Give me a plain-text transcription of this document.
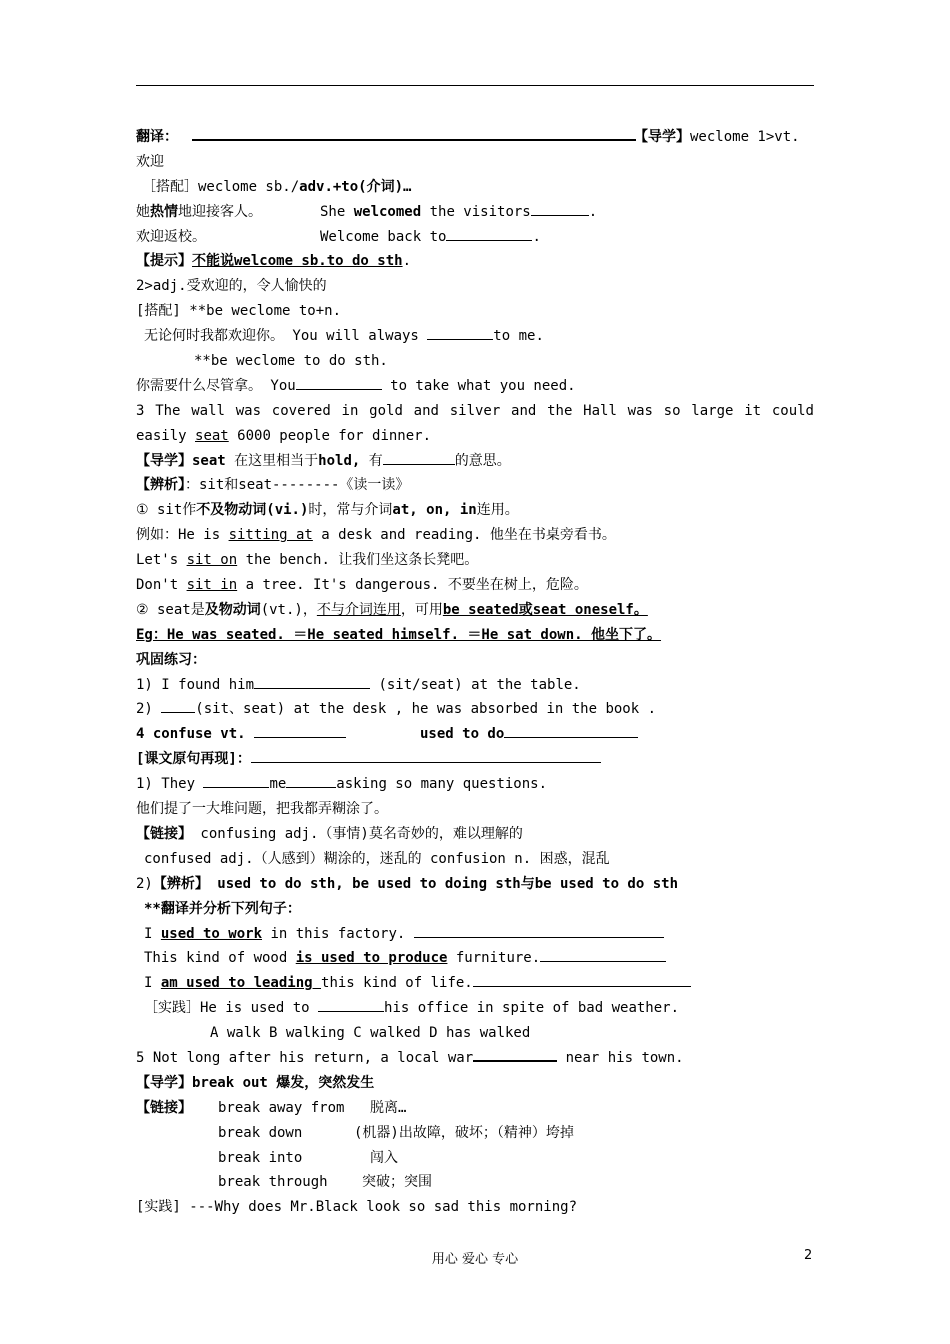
翻译：	【导学】weclome 1>vt.
欢迎
［搭配］weclome sb./adv.+to(介词)…
她热情地迎接客人。	She welcomed the visitors	.
欢迎返校。	Welcome back to	.
【提示】不能说welcome sb.to do sth.
2>adj.受欢迎的，令人愉快的
[搭配] **be weclome to+n.
无论何时我都欢迎你。 You will always	to me.
**be weclome to do sth.
你需要什么尽管拿。 You	to take what you need.
3 The wall was covered in gold and silver and the Hall was so large it could
easily seat 6000 people for dinner.
【导学】seat 在这里相当于hold, 有	的意思。
【辨析】：sit和seat--------《读一读》
① sit作不及物动词(vi.)时，常与介词at, on, in连用。
例如：He is sitting at a desk and reading. 他坐在书桌旁看书。
Let's sit on the bench. 让我们坐这条长凳吧。
Don't sit in a tree. It's dangerous. 不要坐在树上，危险。
② seat是及物动词(vt.)，不与介词连用，可用be seated或seat oneself。
Eg：He was seated. ＝He seated himself. ＝He sat down. 他坐下了。
巩固练习：
1) I found him	(sit/seat) at the table.
2) (sit、seat) at the desk , he was absorbed in the book .
4 confuse vt.	used to do
[课文原句再现]：
1) They	me	asking so many questions.
他们提了一大堆问题，把我都弄糊涂了。
【链接】 confusing adj.（事情)莫名奇妙的，难以理解的
confused adj.（人感到）糊涂的，迷乱的 confusion n. 困惑，混乱
2)【辨析】 used to do sth, be used to doing sth与be used to do sth
**翻译并分析下列句子：
I used to work in this factory.
This kind of wood is used to produce furniture.
I am used to leading this kind of life.
［实践］He is used to	his office in spite of bad weather.
A walk B walking C walked D has walked
5 Not long after his return, a local war	near his town.
【导学】break out 爆发，突然发生
【链接】 break away from 脱离…
break down	(机器)出故障，破坏；（精神）垮掉
break into	闯入
break through 突破；突围
[实践] ---Why does Mr.Black look so sad this morning?
用心 爱心 专心	2
